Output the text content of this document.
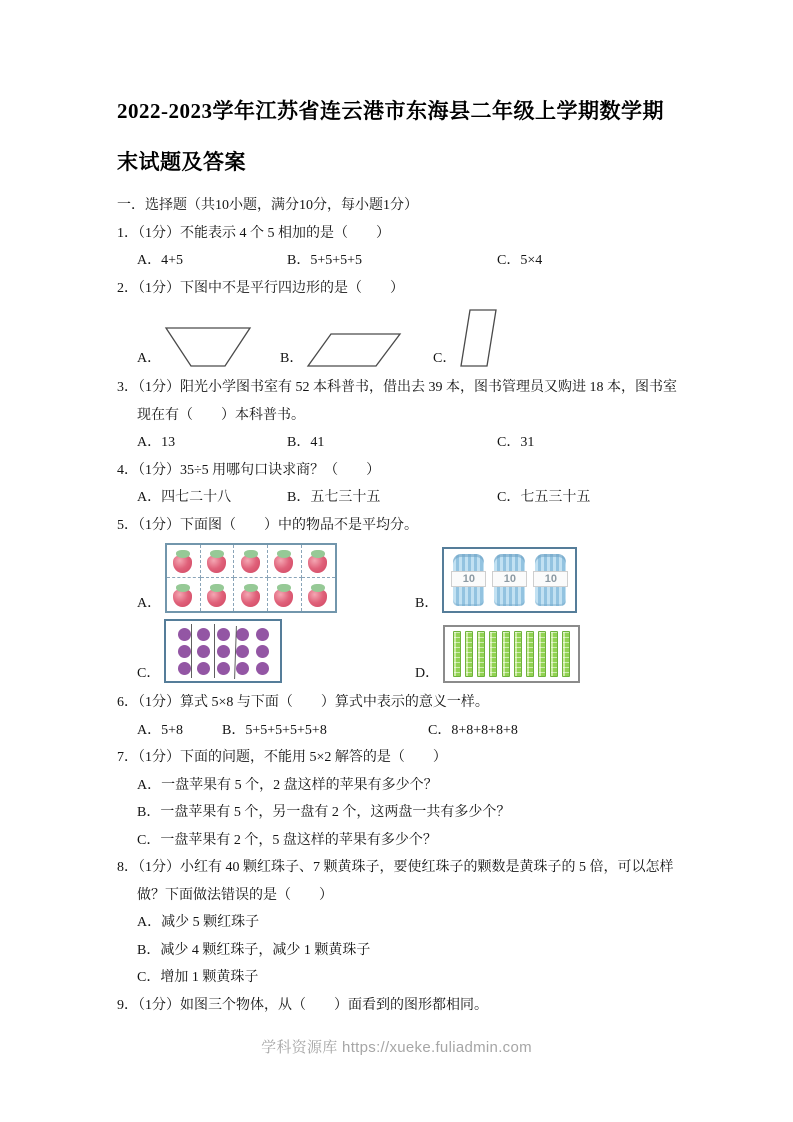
2022-2023学年江苏省连云港市东海县二年级上学期数学期末试题及答案
一．选择题（共10小题，满分10分，每小题1分）
1．（1分）不能表示 4 个 5 相加的是（　　）
A．4+5	B．5+5+5+5	C．5×4
2．（1分）下图中不是平行四边形的是（　　）
A．	B．	C．
3．（1分）阳光小学图书室有 52 本科普书，借出去 39 本，图书管理员又购进 18 本，图书室现在有（　　）本科普书。
A．13	B．41	C．31
4．（1分）35÷5 用哪句口诀求商？（　　）
A．四七二十八	B．五七三十五	C．七五三十五
5．（1分）下面图（　　）中的物品不是平均分。
A．	B．
10	10	10
C．	D．
6．（1分）算式 5×8 与下面（　　）算式中表示的意义一样。
A．5+8	B．5+5+5+5+5+8	C．8+8+8+8+8
7．（1分）下面的问题，不能用 5×2 解答的是（　　）
A．一盘苹果有 5 个，2 盘这样的苹果有多少个？
B．一盘苹果有 5 个，另一盘有 2 个，这两盘一共有多少个？
C．一盘苹果有 2 个，5 盘这样的苹果有多少个？
8．（1分）小红有 40 颗红珠子、7 颗黄珠子，要使红珠子的颗数是黄珠子的 5 倍，可以怎样做？下面做法错误的是（　　）
A．减少 5 颗红珠子
B．减少 4 颗红珠子，减少 1 颗黄珠子
C．增加 1 颗黄珠子
9．（1分）如图三个物体，从（　　）面看到的图形都相同。
学科资源库 https://xueke.fuliadmin.com
